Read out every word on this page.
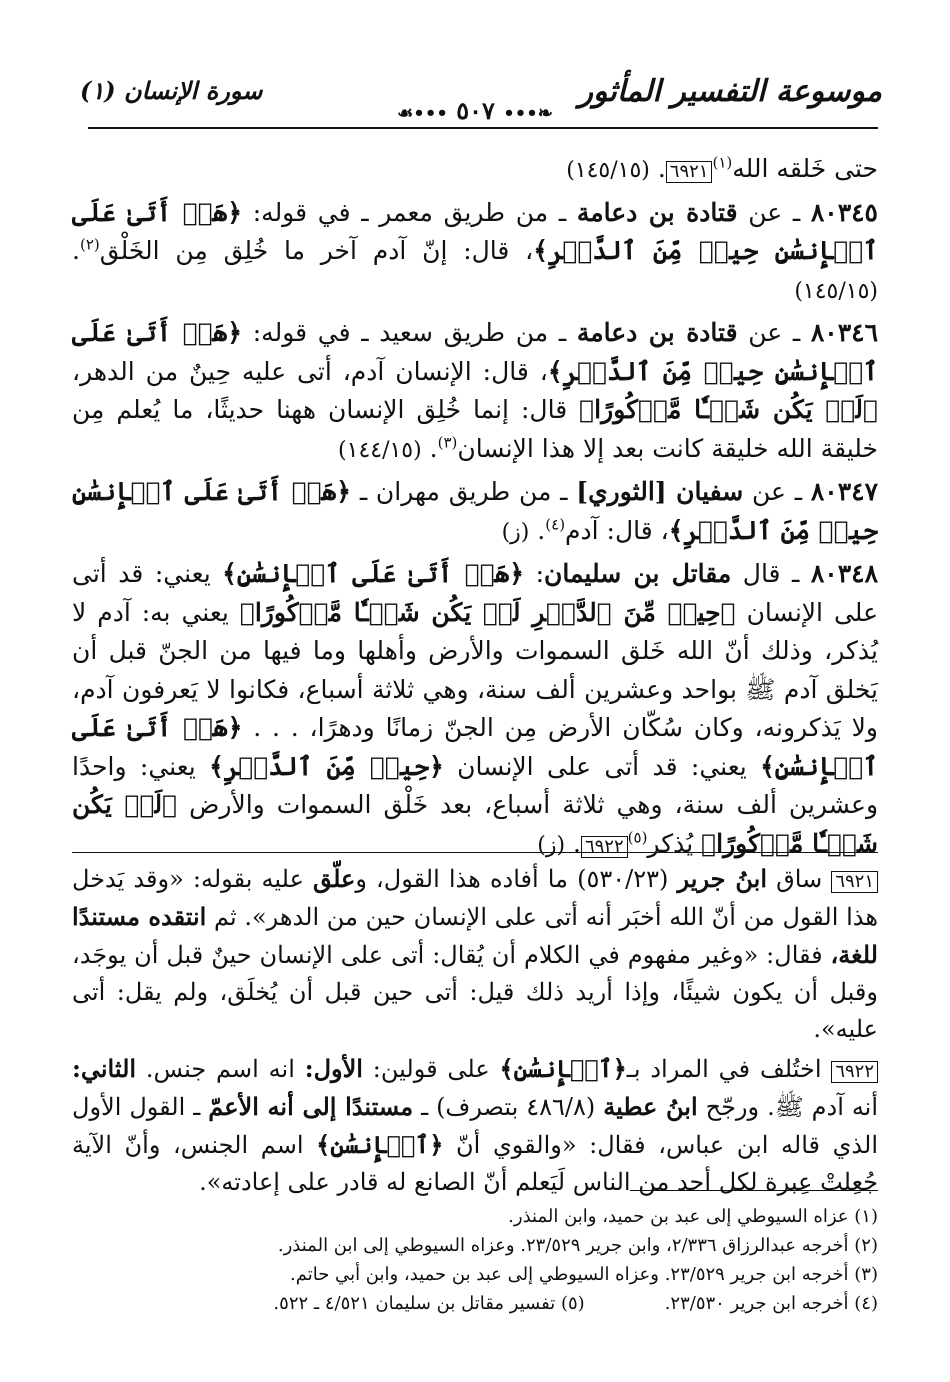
موسوعة التفسير المأثور
❧••• ٥٠٧ •••☙
سورة الإنسان (١)

حتى خَلقه الله$^{(١)}$٦٩٢١. (١٤٥/١٥)

٨٠٣٤٥ ـ عن قتادة بن دعامة ـ من طريق معمر ـ في قوله: ﴿هَلۡ أَتَىٰ عَلَى ٱلۡإِنسَٰنِ حِينٞ مِّنَ ٱلدَّهۡرِ﴾، قال: إنّ آدم آخر ما خُلِق مِن الخَلْق$^{(٢)}$. (١٤٥/١٥)

٨٠٣٤٦ ـ عن قتادة بن دعامة ـ من طريق سعيد ـ في قوله: ﴿هَلۡ أَتَىٰ عَلَى ٱلۡإِنسَٰنِ حِينٞ مِّنَ ٱلدَّهۡرِ﴾، قال: الإنسان آدم، أتى عليه حِينٌ من الدهر، ﴿لَمۡ يَكُن شَيۡـٔٗا مَّذۡكُورًا﴾ قال: إنما خُلِق الإنسان ههنا حديثًا، ما يُعلم مِن خليقة الله خليقة كانت بعد إلا هذا الإنسان$^{(٣)}$. (١٤٤/١٥)

٨٠٣٤٧ ـ عن سفيان [الثوري] ـ من طريق مهران ـ ﴿هَلۡ أَتَىٰ عَلَى ٱلۡإِنسَٰنِ حِينٞ مِّنَ ٱلدَّهۡرِ﴾، قال: آدم$^{(٤)}$. (ز)

٨٠٣٤٨ ـ قال مقاتل بن سليمان: ﴿هَلۡ أَتَىٰ عَلَى ٱلۡإِنسَٰنِ﴾ يعني: قد أتى على الإنسان ﴿حِينٞ مِّنَ ٱلدَّهۡرِ لَمۡ يَكُن شَيۡـٔٗا مَّذۡكُورًا﴾ يعني به: آدم لا يُذكر، وذلك أنّ الله خَلق السموات والأرض وأهلها وما فيها من الجنّ قبل أن يَخلق آدم ﷺ بواحد وعشرين ألف سنة، وهي ثلاثة أسباع، فكانوا لا يَعرفون آدم، ولا يَذكرونه، وكان سُكّان الأرض مِن الجنّ زمانًا ودهرًا، . . . ﴿هَلۡ أَتَىٰ عَلَى ٱلۡإِنسَٰنِ﴾ يعني: قد أتى على الإنسان ﴿حِينٞ مِّنَ ٱلدَّهۡرِ﴾ يعني: واحدًا وعشرين ألف سنة، وهي ثلاثة أسباع، بعد خَلْق السموات والأرض ﴿لَمۡ يَكُن شَيۡـٔٗا مَّذۡكُورًا﴾ يُذكر$^{(٥)}$٦٩٢٢. (ز)

٦٩٢١ ساق ابنُ جرير (٥٣٠/٢٣) ما أفاده هذا القول، وعلّق عليه بقوله: «وقد يَدخل هذا القول من أنّ الله أخبَر أنه أتى على الإنسان حين من الدهر». ثم انتقده مستندًا للغة، فقال: «وغير مفهوم في الكلام أن يُقال: أتى على الإنسان حينٌ قبل أن يوجَد، وقبل أن يكون شيئًا، وإذا أريد ذلك قيل: أتى حين قبل أن يُخلَق، ولم يقل: أتى عليه».

٦٩٢٢ اختُلف في المراد بـ﴿ٱلۡإِنسَٰنِ﴾ على قولين: الأول: انه اسم جنس. الثاني: أنه آدم ﷺ. ورجّح ابنُ عطية (٤٨٦/٨ بتصرف) ـ مستندًا إلى أنه الأعمّ ـ القول الأول الذي قاله ابن عباس، فقال: «والقوي أنّ ﴿ٱلۡإِنسَٰنِ﴾ اسم الجنس، وأنّ الآية جُعِلتْ عِبرة لكل أحد من الناس لَيَعلم أنّ الصانع له قادر على إعادته».

(١) عزاه السيوطي إلى عبد بن حميد، وابن المنذر.
(٢) أخرجه عبدالرزاق ٢/٣٣٦، وابن جرير ٢٣/٥٢٩. وعزاه السيوطي إلى ابن المنذر.
(٣) أخرجه ابن جرير ٢٣/٥٢٩. وعزاه السيوطي إلى عبد بن حميد، وابن أبي حاتم.
(٤) أخرجه ابن جرير ٢٣/٥٣٠.
(٥) تفسير مقاتل بن سليمان ٤/٥٢١ ـ ٥٢٢.
